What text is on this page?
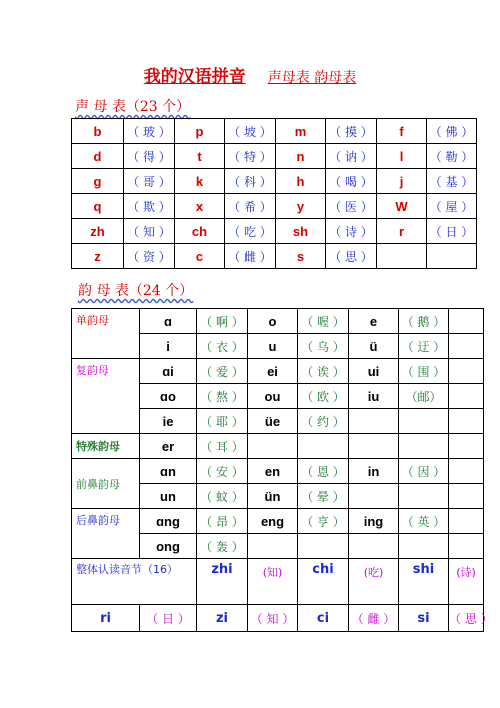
我的汉语拼音 声母表 韵母表
声 母 表（23 个）
b	（ 玻 ）	p	（ 坡 ）	m	（ 摸 ）	f	（ 佛 ）
d	（ 得 ）	t	（ 特 ）	n	（ 讷 ）	l	（ 勒 ）
g	（ 哥 ）	k	（ 科 ）	h	（ 喝 ）	j	（ 基 ）
q	（ 欺 ）	x	（ 希 ）	y	（ 医 ）	W	（ 屋 ）
zh	（ 知 ）	ch	（ 吃 ）	sh	（ 诗 ）	r	（ 日 ）
z	（ 资 ）	c	（ 雌 ）	s	（ 思 ）		
韵 母 表（24 个）
单韵母	ɑ	（ 啊 ）	o	（ 喔 ）	e	（ 鹅 ）	
	i	（ 衣 ）	u	（ 乌 ）	ü	（ 迂 ）	
复韵母	ɑi	（ 爱 ）	ei	（ 诶 ）	ui	（ 围 ）	
	ɑo	（ 熬 ）	ou	（ 欧 ）	iu	（邮）	
	ie	（ 耶 ）	üe	（ 约 ）			
特殊韵母	er	（ 耳 ）					
前鼻韵母	ɑn	（ 安 ）	en	（ 恩 ）	in	（ 因 ）	
	un	（ 蚊 ）	ün	（ 晕 ）			
后鼻韵母	ɑng	（ 昂 ）	eng	（ 亨 ）	ing	（ 英 ）	
	ong	（ 轰 ）					
整体认读音节（16）		zhi	(知)	chi	(吃)	shi	(诗)
ri	（ 日 ）	zi	（ 知 ）	ci	（ 雌 ）	si	（ 思 ）
